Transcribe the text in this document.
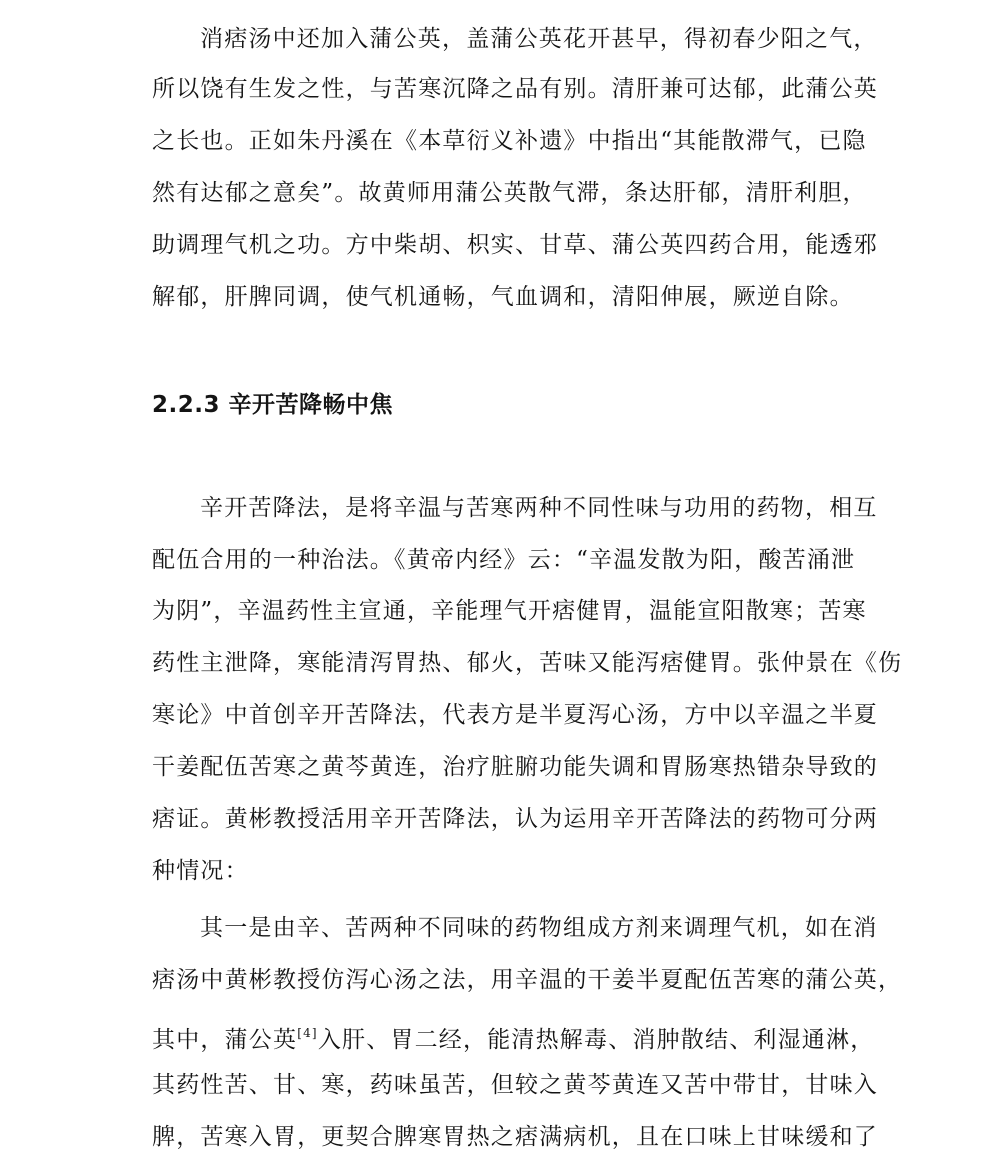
消痞汤中还加入蒲公英，盖蒲公英花开甚早，得初春少阳之气，
所以饶有生发之性，与苦寒沉降之品有别。清肝兼可达郁，此蒲公英
之长也。正如朱丹溪在《本草衍义补遗》中指出“其能散滞气，已隐
然有达郁之意矣”。故黄师用蒲公英散气滞，条达肝郁，清肝利胆，
助调理气机之功。方中柴胡、枳实、甘草、蒲公英四药合用，能透邪
解郁，肝脾同调，使气机通畅，气血调和，清阳伸展，厥逆自除。
2.2.3 辛开苦降畅中焦
辛开苦降法，是将辛温与苦寒两种不同性味与功用的药物，相互
配伍合用的一种治法。《黄帝内经》云：“辛温发散为阳，酸苦涌泄
为阴”，辛温药性主宣通，辛能理气开痞健胃，温能宣阳散寒；苦寒
药性主泄降，寒能清泻胃热、郁火，苦味又能泻痞健胃。张仲景在《伤
寒论》中首创辛开苦降法，代表方是半夏泻心汤，方中以辛温之半夏
干姜配伍苦寒之黄芩黄连，治疗脏腑功能失调和胃肠寒热错杂导致的
痞证。黄彬教授活用辛开苦降法，认为运用辛开苦降法的药物可分两
种情况：
其一是由辛、苦两种不同味的药物组成方剂来调理气机，如在消
痞汤中黄彬教授仿泻心汤之法，用辛温的干姜半夏配伍苦寒的蒲公英，
其中，蒲公英[4]入肝、胃二经，能清热解毒、消肿散结、利湿通淋，
其药性苦、甘、寒，药味虽苦，但较之黄芩黄连又苦中带甘，甘味入
脾，苦寒入胃，更契合脾寒胃热之痞满病机，且在口味上甘味缓和了
